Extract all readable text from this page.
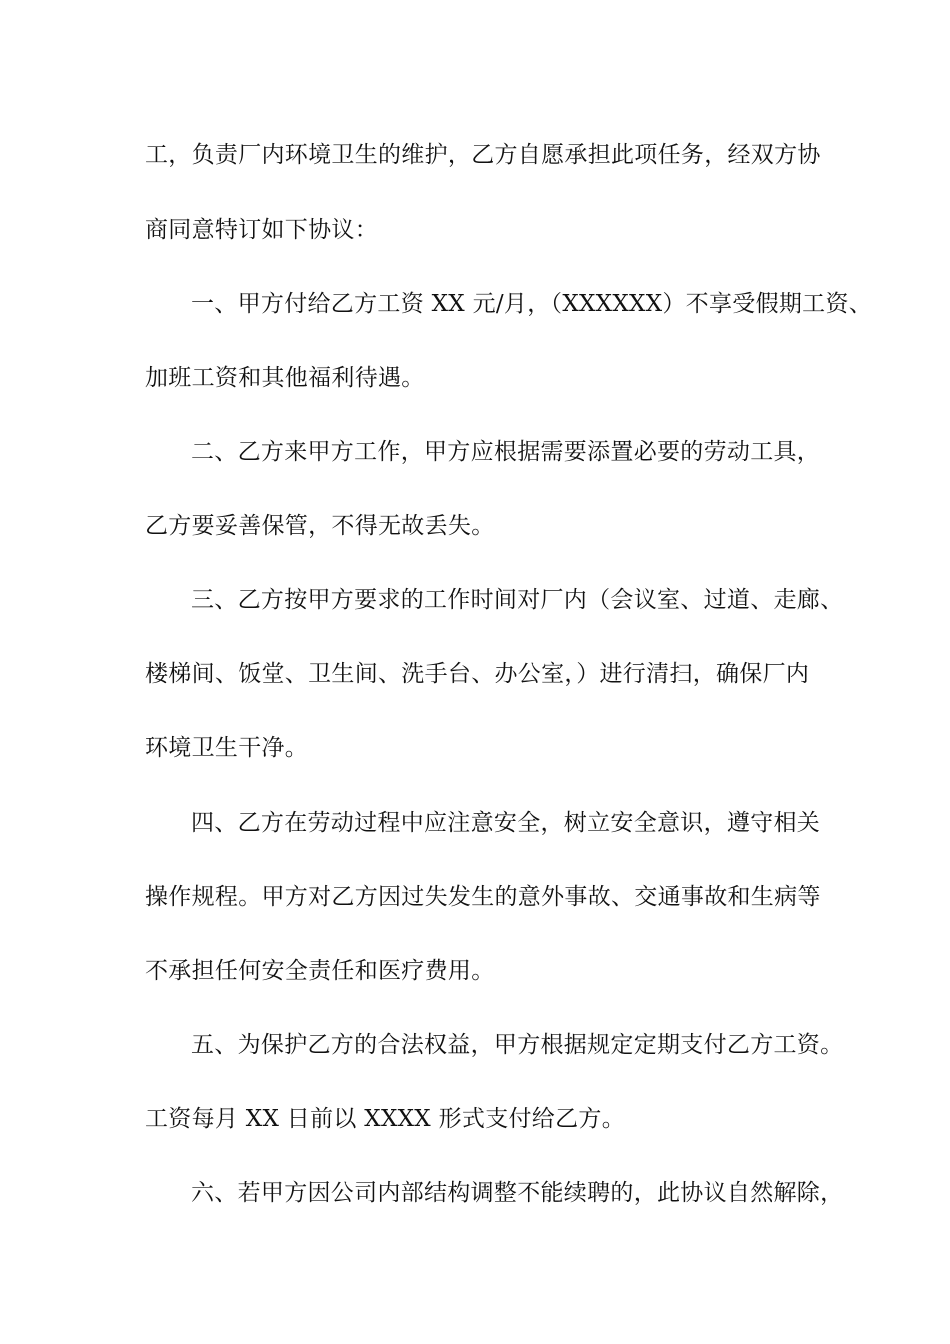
工，负责厂内环境卫生的维护，乙方自愿承担此项任务，经双方协
商同意特订如下协议：
一、甲方付给乙方工资 XX 元/月，（XXXXXX）不享受假期工资、
加班工资和其他福利待遇。
二、乙方来甲方工作，甲方应根据需要添置必要的劳动工具，
乙方要妥善保管，不得无故丢失。
三、乙方按甲方要求的工作时间对厂内（会议室、过道、走廊、
楼梯间、饭堂、卫生间、洗手台、办公室，）进行清扫，确保厂内
环境卫生干净。
四、乙方在劳动过程中应注意安全，树立安全意识，遵守相关
操作规程。甲方对乙方因过失发生的意外事故、交通事故和生病等
不承担任何安全责任和医疗费用。
五、为保护乙方的合法权益，甲方根据规定定期支付乙方工资。
工资每月 XX 日前以 XXXX 形式支付给乙方。
六、若甲方因公司内部结构调整不能续聘的，此协议自然解除，
